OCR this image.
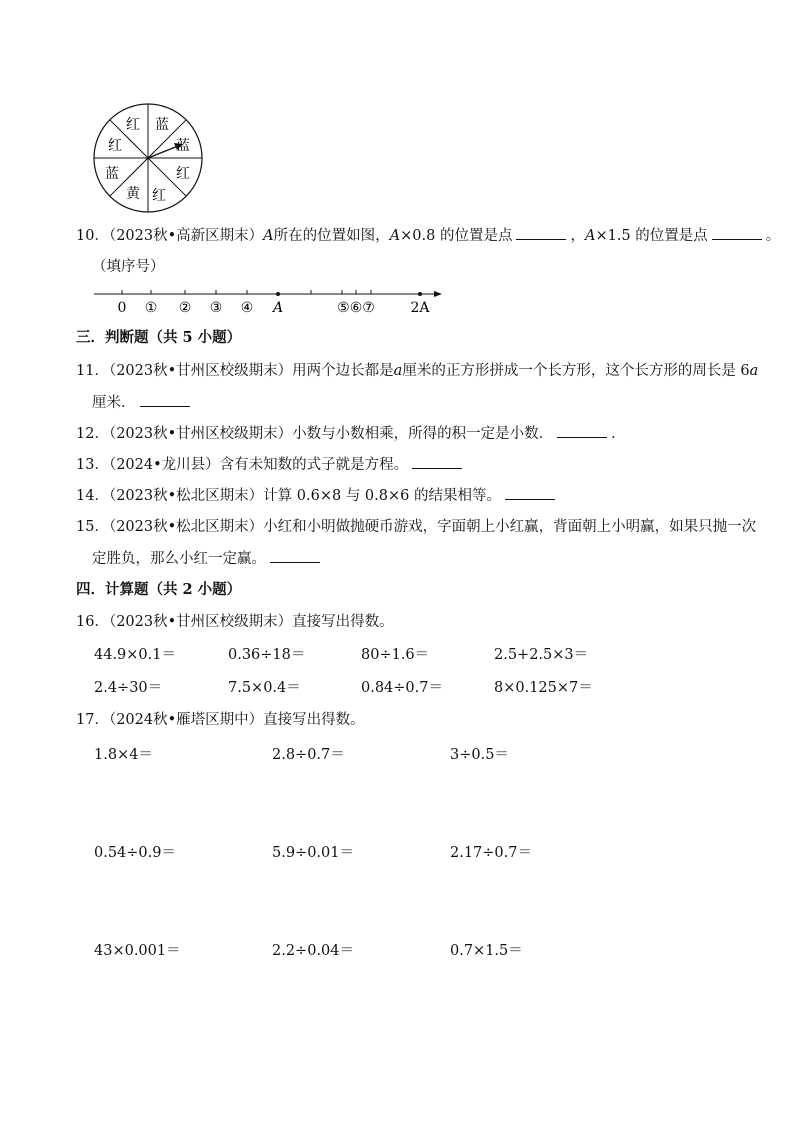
红 蓝
蓝
红
红
黄
蓝
红
10．（2023秋•高新区期末）A所在的位置如图，A×0.8 的位置是点	，A×1.5 的位置是点	。
（填序号）
0 ① ② ③ ④ A	⑤⑥⑦	2A
三．判断题（共 5 小题）
11．（2023秋•甘州区校级期末）用两个边长都是a厘米的正方形拼成一个长方形，这个长方形的周长是 6a
厘米．
12．（2023秋•甘州区校级期末）小数与小数相乘，所得的积一定是小数．	．
13．（2024•龙川县）含有未知数的式子就是方程。
14．（2023秋•松北区期末）计算 0.6×8 与 0.8×6 的结果相等。
15．（2023秋•松北区期末）小红和小明做抛硬币游戏，字面朝上小红赢，背面朝上小明赢，如果只抛一次
定胜负，那么小红一定赢。
四．计算题（共 2 小题）
16．（2023秋•甘州区校级期末）直接写出得数。
44.9×0.1＝	0.36÷18＝	80÷1.6＝	2.5+2.5×3＝
2.4÷30＝	7.5×0.4＝	0.84÷0.7＝	8×0.125×7＝
17．（2024秋•雁塔区期中）直接写出得数。
1.8×4＝	2.8÷0.7＝	3÷0.5＝
0.54÷0.9＝	5.9÷0.01＝	2.17÷0.7＝
43×0.001＝	2.2÷0.04＝	0.7×1.5＝
